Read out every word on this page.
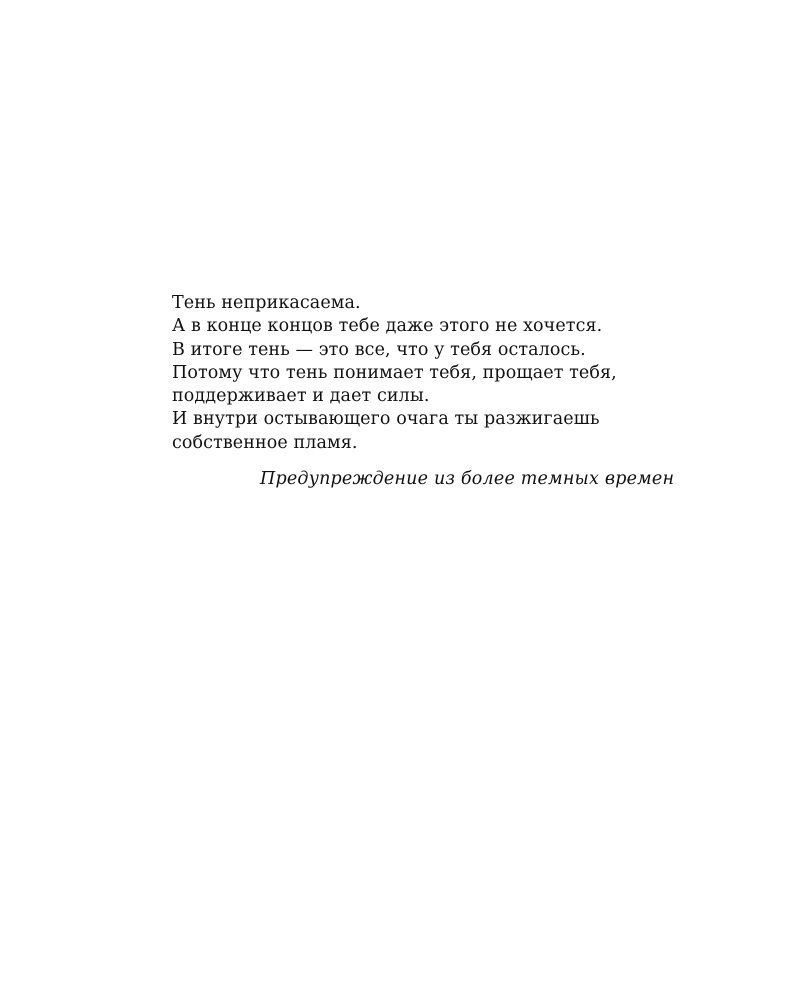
Тень неприкасаема.
А в конце концов тебе даже этого не хочется.
В итоге тень — это все, что у тебя осталось.
Потому что тень понимает тебя, прощает тебя,
поддерживает и дает силы.
И внутри остывающего очага ты разжигаешь
собственное пламя.
Предупреждение из более темных времен
